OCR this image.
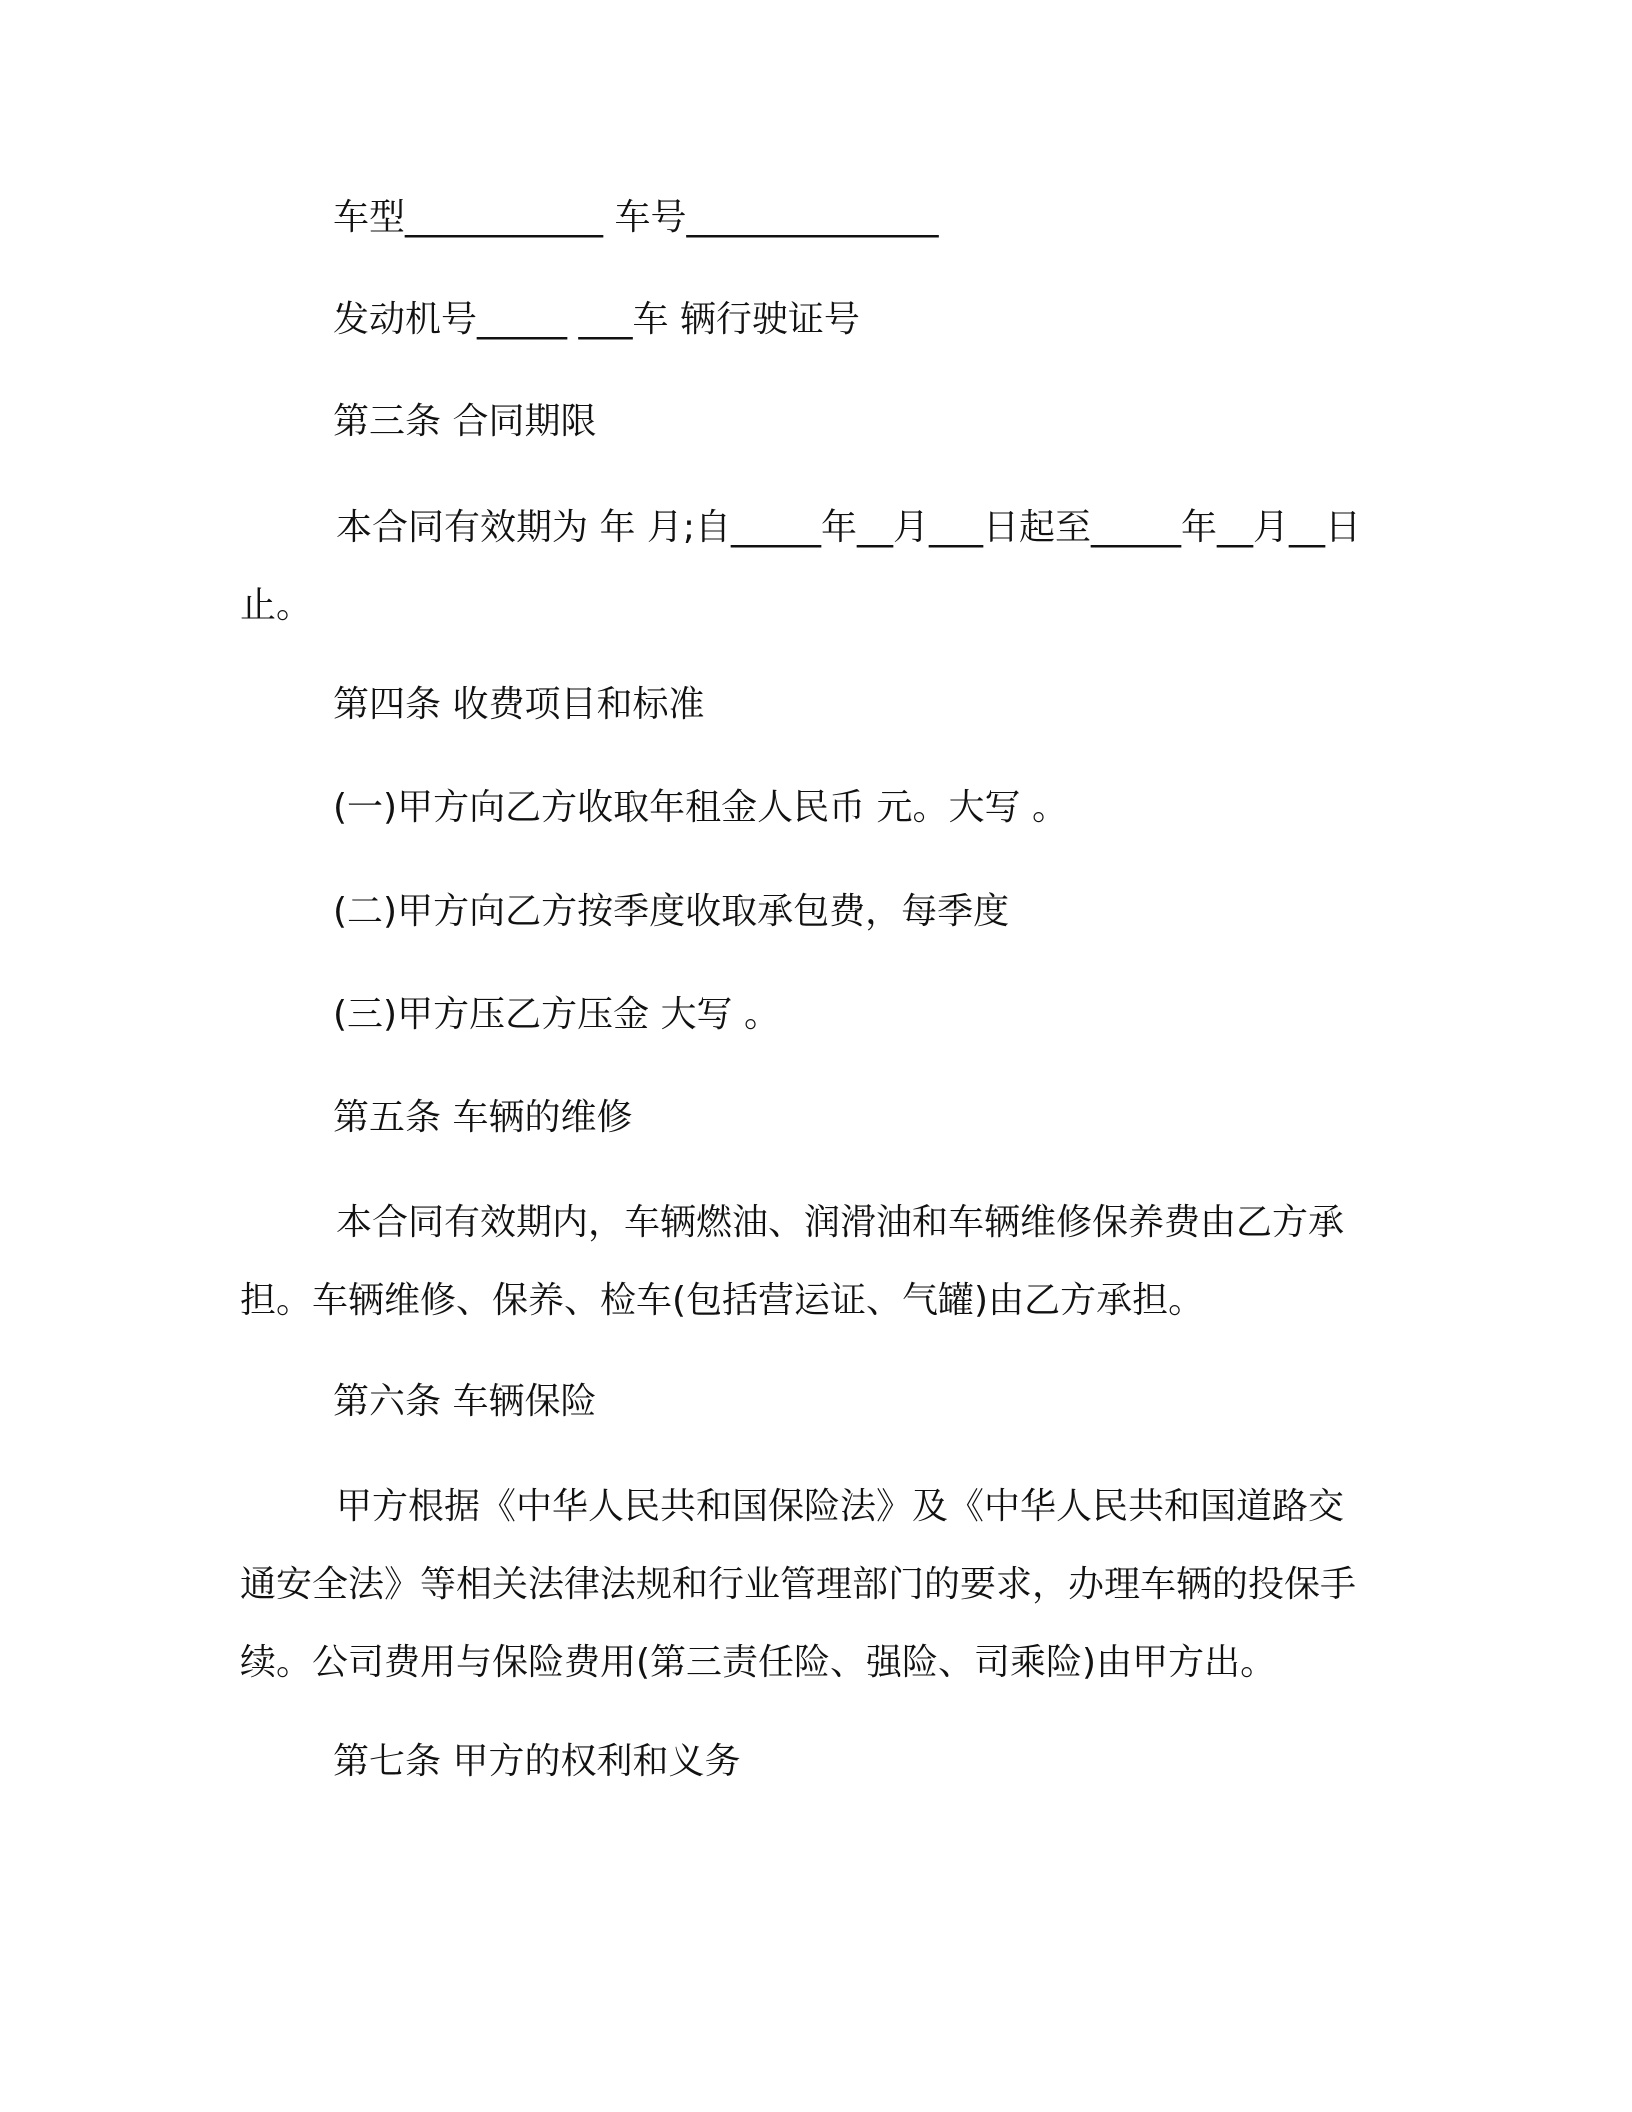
车型___________ 车号______________
发动机号_____ ___车 辆行驶证号
第三条 合同期限
本合同有效期为 年 月;自_____年__月___日起至_____年__月__日止。
第四条 收费项目和标准
(一)甲方向乙方收取年租金人民币 元。大写 。
(二)甲方向乙方按季度收取承包费，每季度
(三)甲方压乙方压金 大写 。
第五条 车辆的维修
本合同有效期内，车辆燃油、润滑油和车辆维修保养费由乙方承担。车辆维修、保养、检车(包括营运证、气罐)由乙方承担。
第六条 车辆保险
甲方根据《中华人民共和国保险法》及《中华人民共和国道路交通安全法》等相关法律法规和行业管理部门的要求，办理车辆的投保手续。公司费用与保险费用(第三责任险、强险、司乘险)由甲方出。
第七条 甲方的权利和义务
